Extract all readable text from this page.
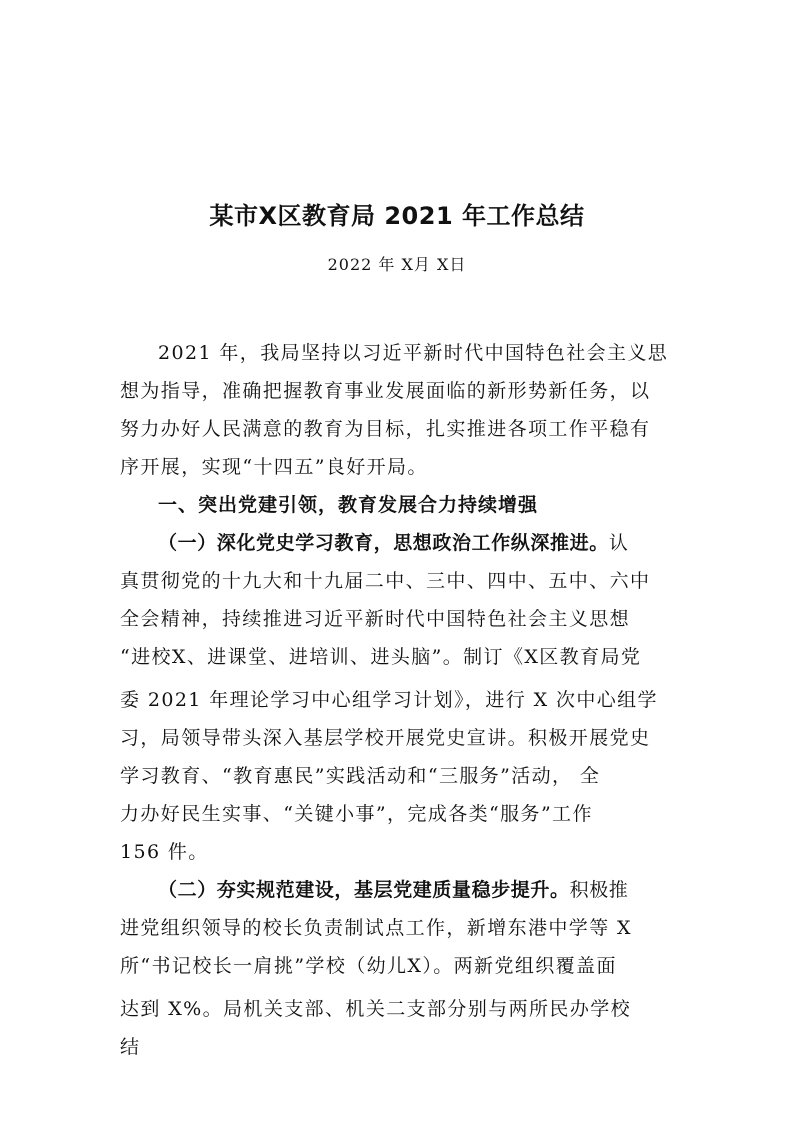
某市X区教育局 2021 年工作总结
2022 年 X月 X日
2021 年，我局坚持以习近平新时代中国特色社会主义思
想为指导，准确把握教育事业发展面临的新形势新任务，以
努力办好人民满意的教育为目标，扎实推进各项工作平稳有
序开展，实现“十四五”良好开局。
一、突出党建引领，教育发展合力持续增强
（一）深化党史学习教育，思想政治工作纵深推进。认
真贯彻党的十九大和十九届二中、三中、四中、五中、六中
全会精神，持续推进习近平新时代中国特色社会主义思想
“进校X、进课堂、进培训、进头脑”。制订《X区教育局党
委 2021 年理论学习中心组学习计划》，进行 X 次中心组学
习，局领导带头深入基层学校开展党史宣讲。积极开展党史
学习教育、“教育惠民”实践活动和“三服务”活动， 全
力办好民生实事、“关键小事”，完成各类“服务”工作
156 件。
（二）夯实规范建设，基层党建质量稳步提升。积极推
进党组织领导的校长负责制试点工作，新增东港中学等 X
所“书记校长一肩挑”学校（幼儿X）。两新党组织覆盖面
达到 X%。局机关支部、机关二支部分别与两所民办学校
结
